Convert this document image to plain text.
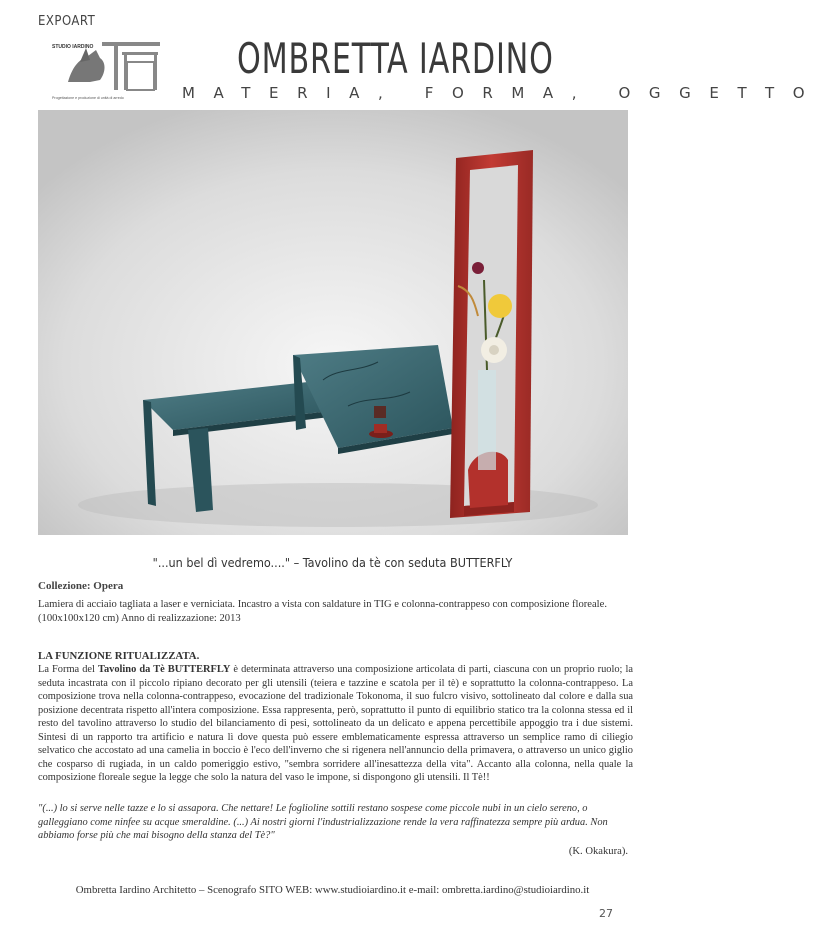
EXPOART
STUDIO IARDINO
Progettazione e produzione di unità di arredo
OMBRETTA IARDINO
MATERIA, FORMA, OGGETTO
"...un bel dì vedremo...." – Tavolino da tè con seduta BUTTERFLY
Collezione: Opera

Lamiera di acciaio tagliata a laser e verniciata. Incastro a vista con saldature in TIG e colonna-contrappeso con composizione floreale. (100x100x120 cm) Anno di realizzazione: 2013

LA FUNZIONE RITUALIZZATA.

La Forma del Tavolino da Tè BUTTERFLY è determinata attraverso una composizione articolata di parti, ciascuna con un proprio ruolo; la seduta incastrata con il piccolo ripiano decorato per gli utensili (teiera e tazzine e scatola per il tè) e soprattutto la colonna-contrappeso. La composizione trova nella colonna-contrappeso, evocazione del tradizionale Tokonoma, il suo fulcro visivo, sottolineato dal colore e dalla sua posizione decentrata rispetto all'intera composizione. Essa rappresenta, però, soprattutto il punto di equilibrio statico tra la colonna stessa ed il resto del tavolino attraverso lo studio del bilanciamento di pesi, sottolineato da un delicato e appena percettibile appoggio tra i due sistemi. Sintesi di un rapporto tra artificio e natura lì dove questa può essere emblematicamente espressa attraverso un semplice ramo di ciliegio selvatico che accostato ad una camelia in boccio è l'eco dell'inverno che si rigenera nell'annuncio della primavera, o attraverso un unico giglio che cosparso di rugiada, in un caldo pomeriggio estivo, "sembra sorridere all'inesattezza della vita". Accanto alla colonna, nella quale la composizione floreale segue la legge che solo la natura del vaso le impone, si dispongono gli utensili. Il Tè!!

"(...) lo si serve nelle tazze e lo si assapora. Che nettare! Le foglioline sottili restano sospese come piccole nubi in un cielo sereno, o galleggiano come ninfee su acque smeraldine. (...) Ai nostri giorni l'industrializzazione rende la vera raffinatezza sempre più ardua. Non abbiamo forse più che mai bisogno della stanza del Tè?"

(K. Okakura).
Ombretta Iardino Architetto – Scenografo SITO WEB: www.studioiardino.it e-mail: ombretta.iardino@studioiardino.it
27
